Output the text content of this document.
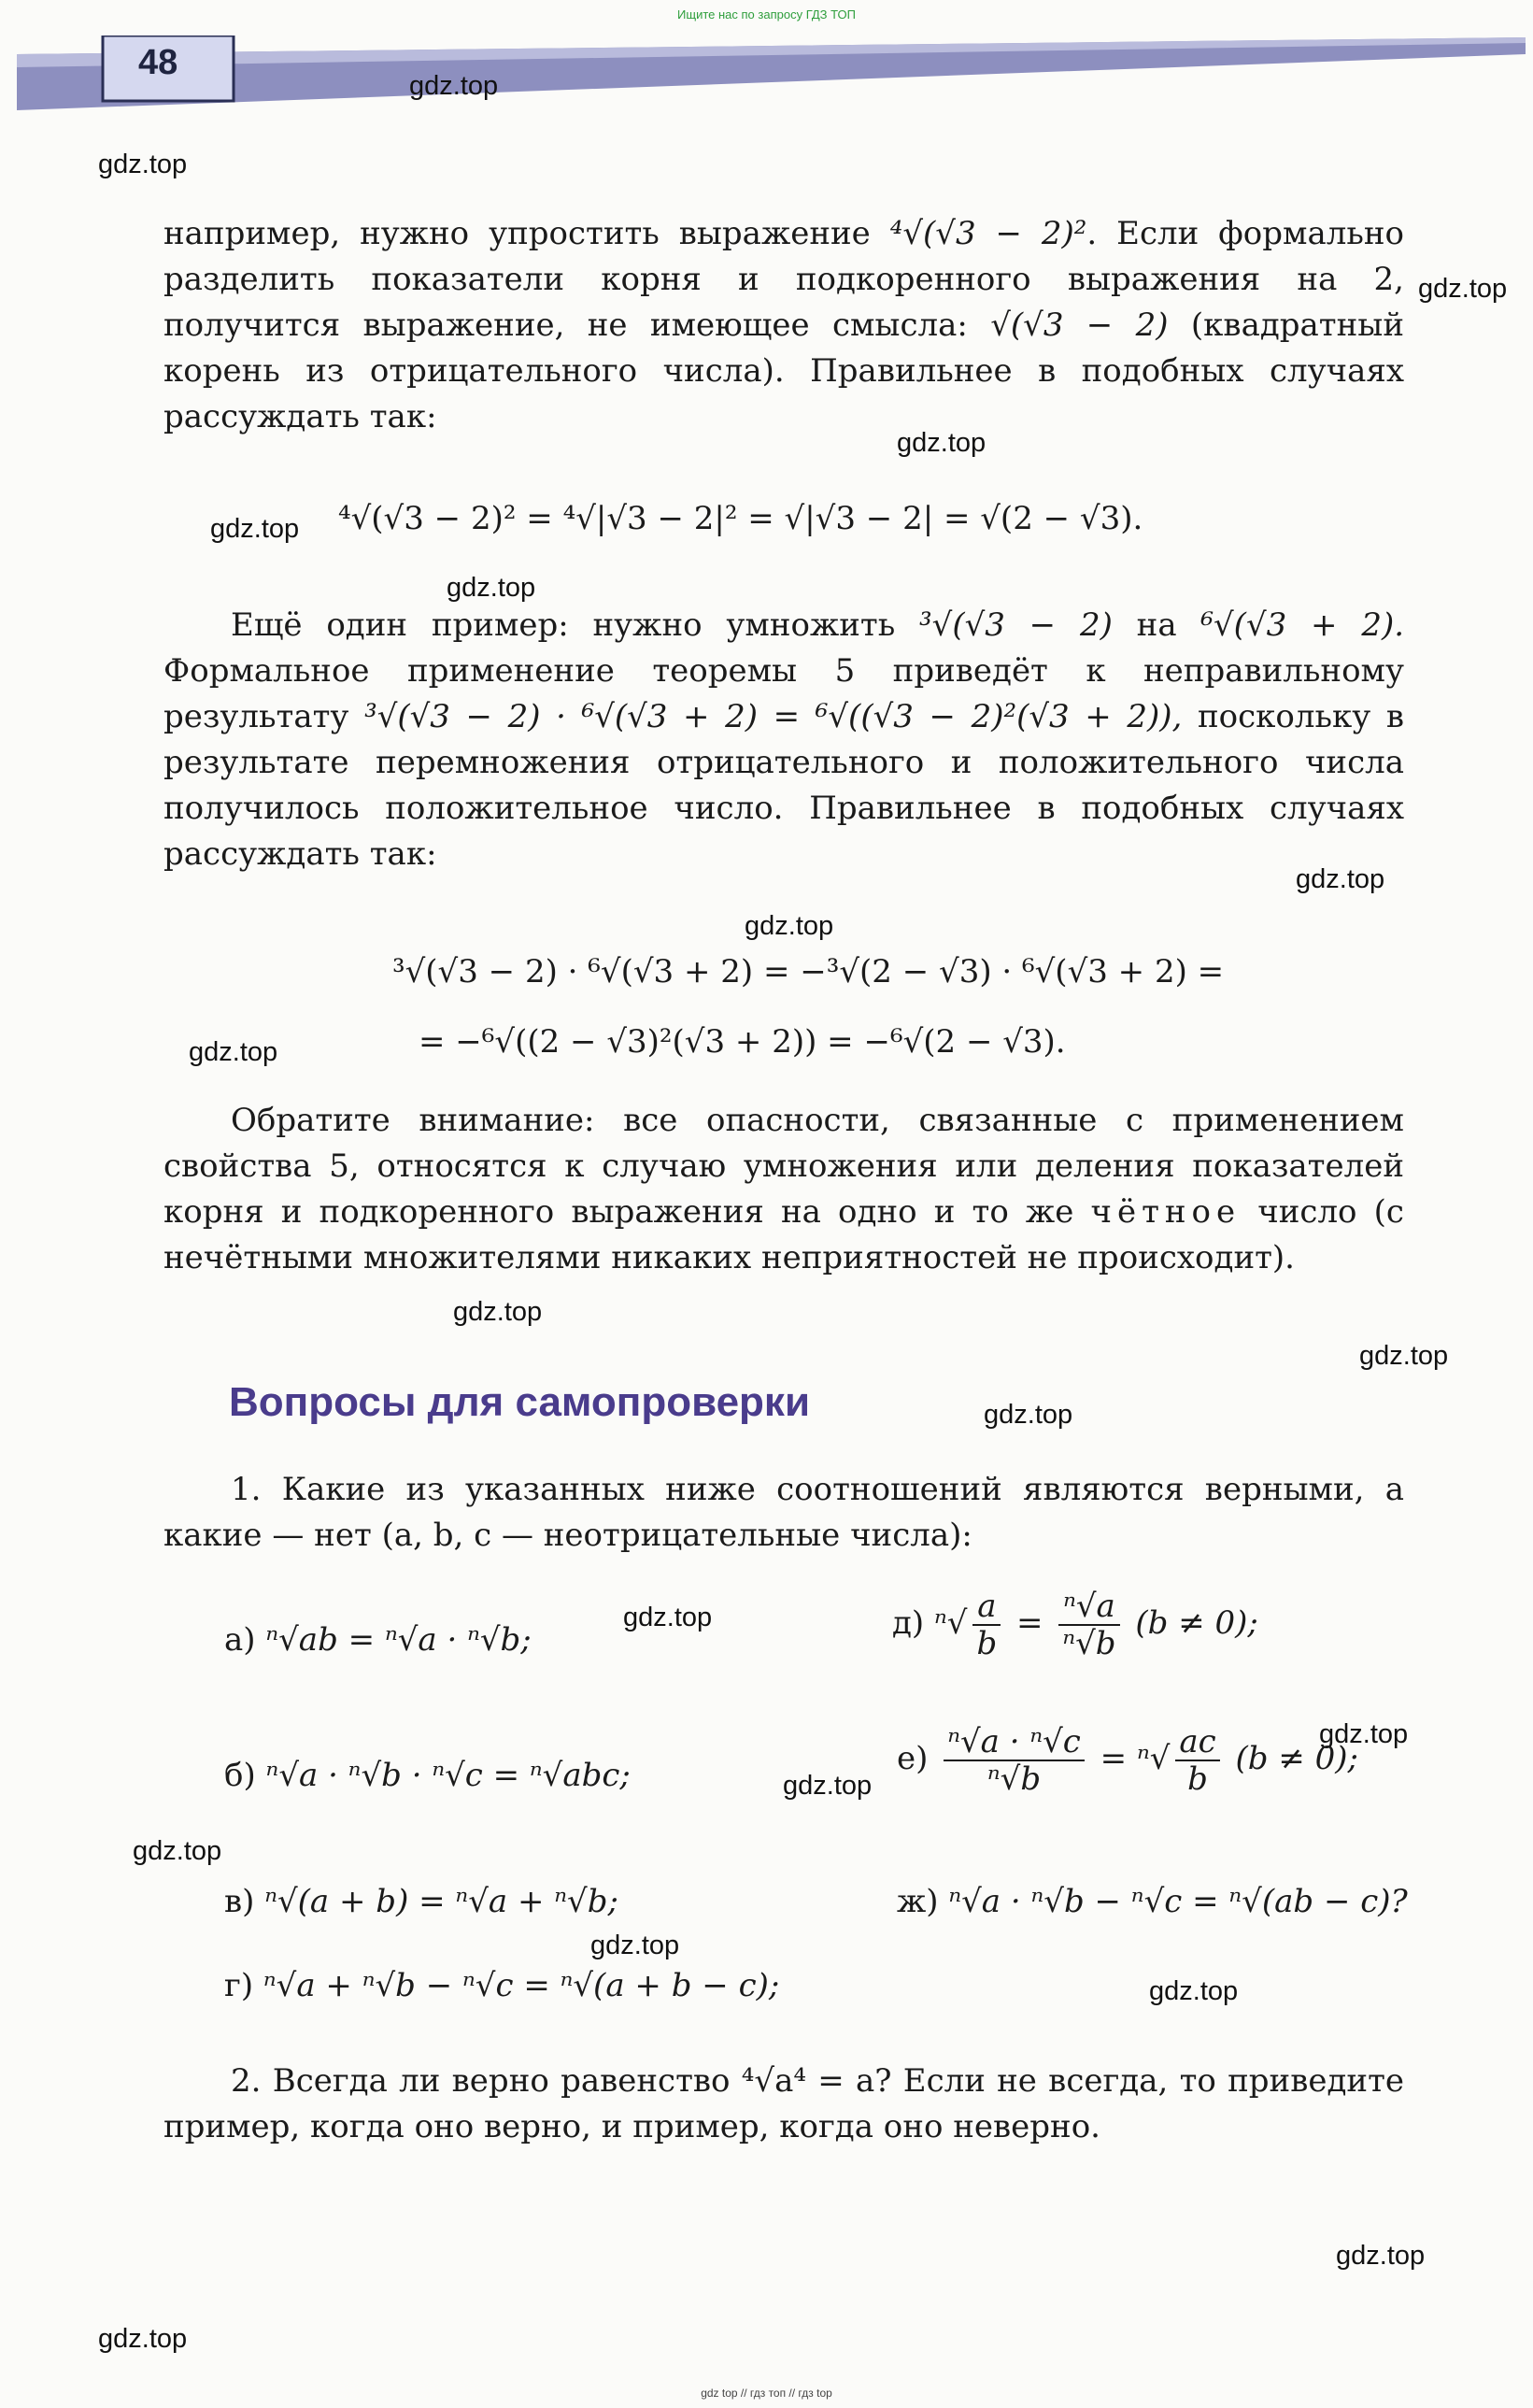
Ищите нас по запросу ГДЗ ТОП
48
gdz.top
gdz.top
gdz.top
gdz.top
gdz.top
gdz.top
gdz.top
gdz.top
gdz.top
gdz.top
gdz.top
gdz.top
gdz.top
gdz.top
gdz.top
gdz.top
gdz.top
gdz.top
gdz.top
gdz.top

например, нужно упростить выражение ⁴√(√3 − 2)². Если формально разделить показатели корня и подкоренного выражения на 2, получится выражение, не имеющее смысла: √(√3 − 2) (квадратный корень из отрицательного числа). Правильнее в подобных случаях рассуждать так:

⁴√(√3 − 2)² = ⁴√|√3 − 2|² = √|√3 − 2| = √(2 − √3).

Ещё один пример: нужно умножить ³√(√3 − 2) на ⁶√(√3 + 2). Формальное применение теоремы 5 приведёт к неправильному результату ³√(√3 − 2) · ⁶√(√3 + 2) = ⁶√((√3 − 2)²(√3 + 2)), поскольку в результате перемножения отрицательного и положительного числа получилось положительное число. Правильнее в подобных случаях рассуждать так:

³√(√3 − 2) · ⁶√(√3 + 2) = −³√(2 − √3) · ⁶√(√3 + 2) =
= −⁶√((2 − √3)²(√3 + 2)) = −⁶√(2 − √3).

Обратите внимание: все опасности, связанные с применением свойства 5, относятся к случаю умножения или деления показателей корня и подкоренного выражения на одно и то же чётное число (с нечётными множителями никаких неприятностей не происходит).

Вопросы для самопроверки

1. Какие из указанных ниже соотношений являются верными, а какие — нет (a, b, c — неотрицательные числа):

а) ⁿ√ab = ⁿ√a · ⁿ√b;
б) ⁿ√a · ⁿ√b · ⁿ√c = ⁿ√abc;
в) ⁿ√(a + b) = ⁿ√a + ⁿ√b;
г) ⁿ√a + ⁿ√b − ⁿ√c = ⁿ√(a + b − c);
д) $^n√ \frac{a}{b} = \frac{\text{ⁿ√a}}{\text{ⁿ√b}} (b \ne 0)$;
$е) \frac{\text{ⁿ√a · ⁿ√c}}{\text{ⁿ√b}} = ^n√ \frac{ac}{b} (b \ne 0)$;
ж) ⁿ√a · ⁿ√b − ⁿ√c = ⁿ√(ab − c)?

2. Всегда ли верно равенство ⁴√a⁴ = a? Если не всегда, то приведите пример, когда оно верно, и пример, когда оно неверно.

gdz top // гдз топ // гдз top
